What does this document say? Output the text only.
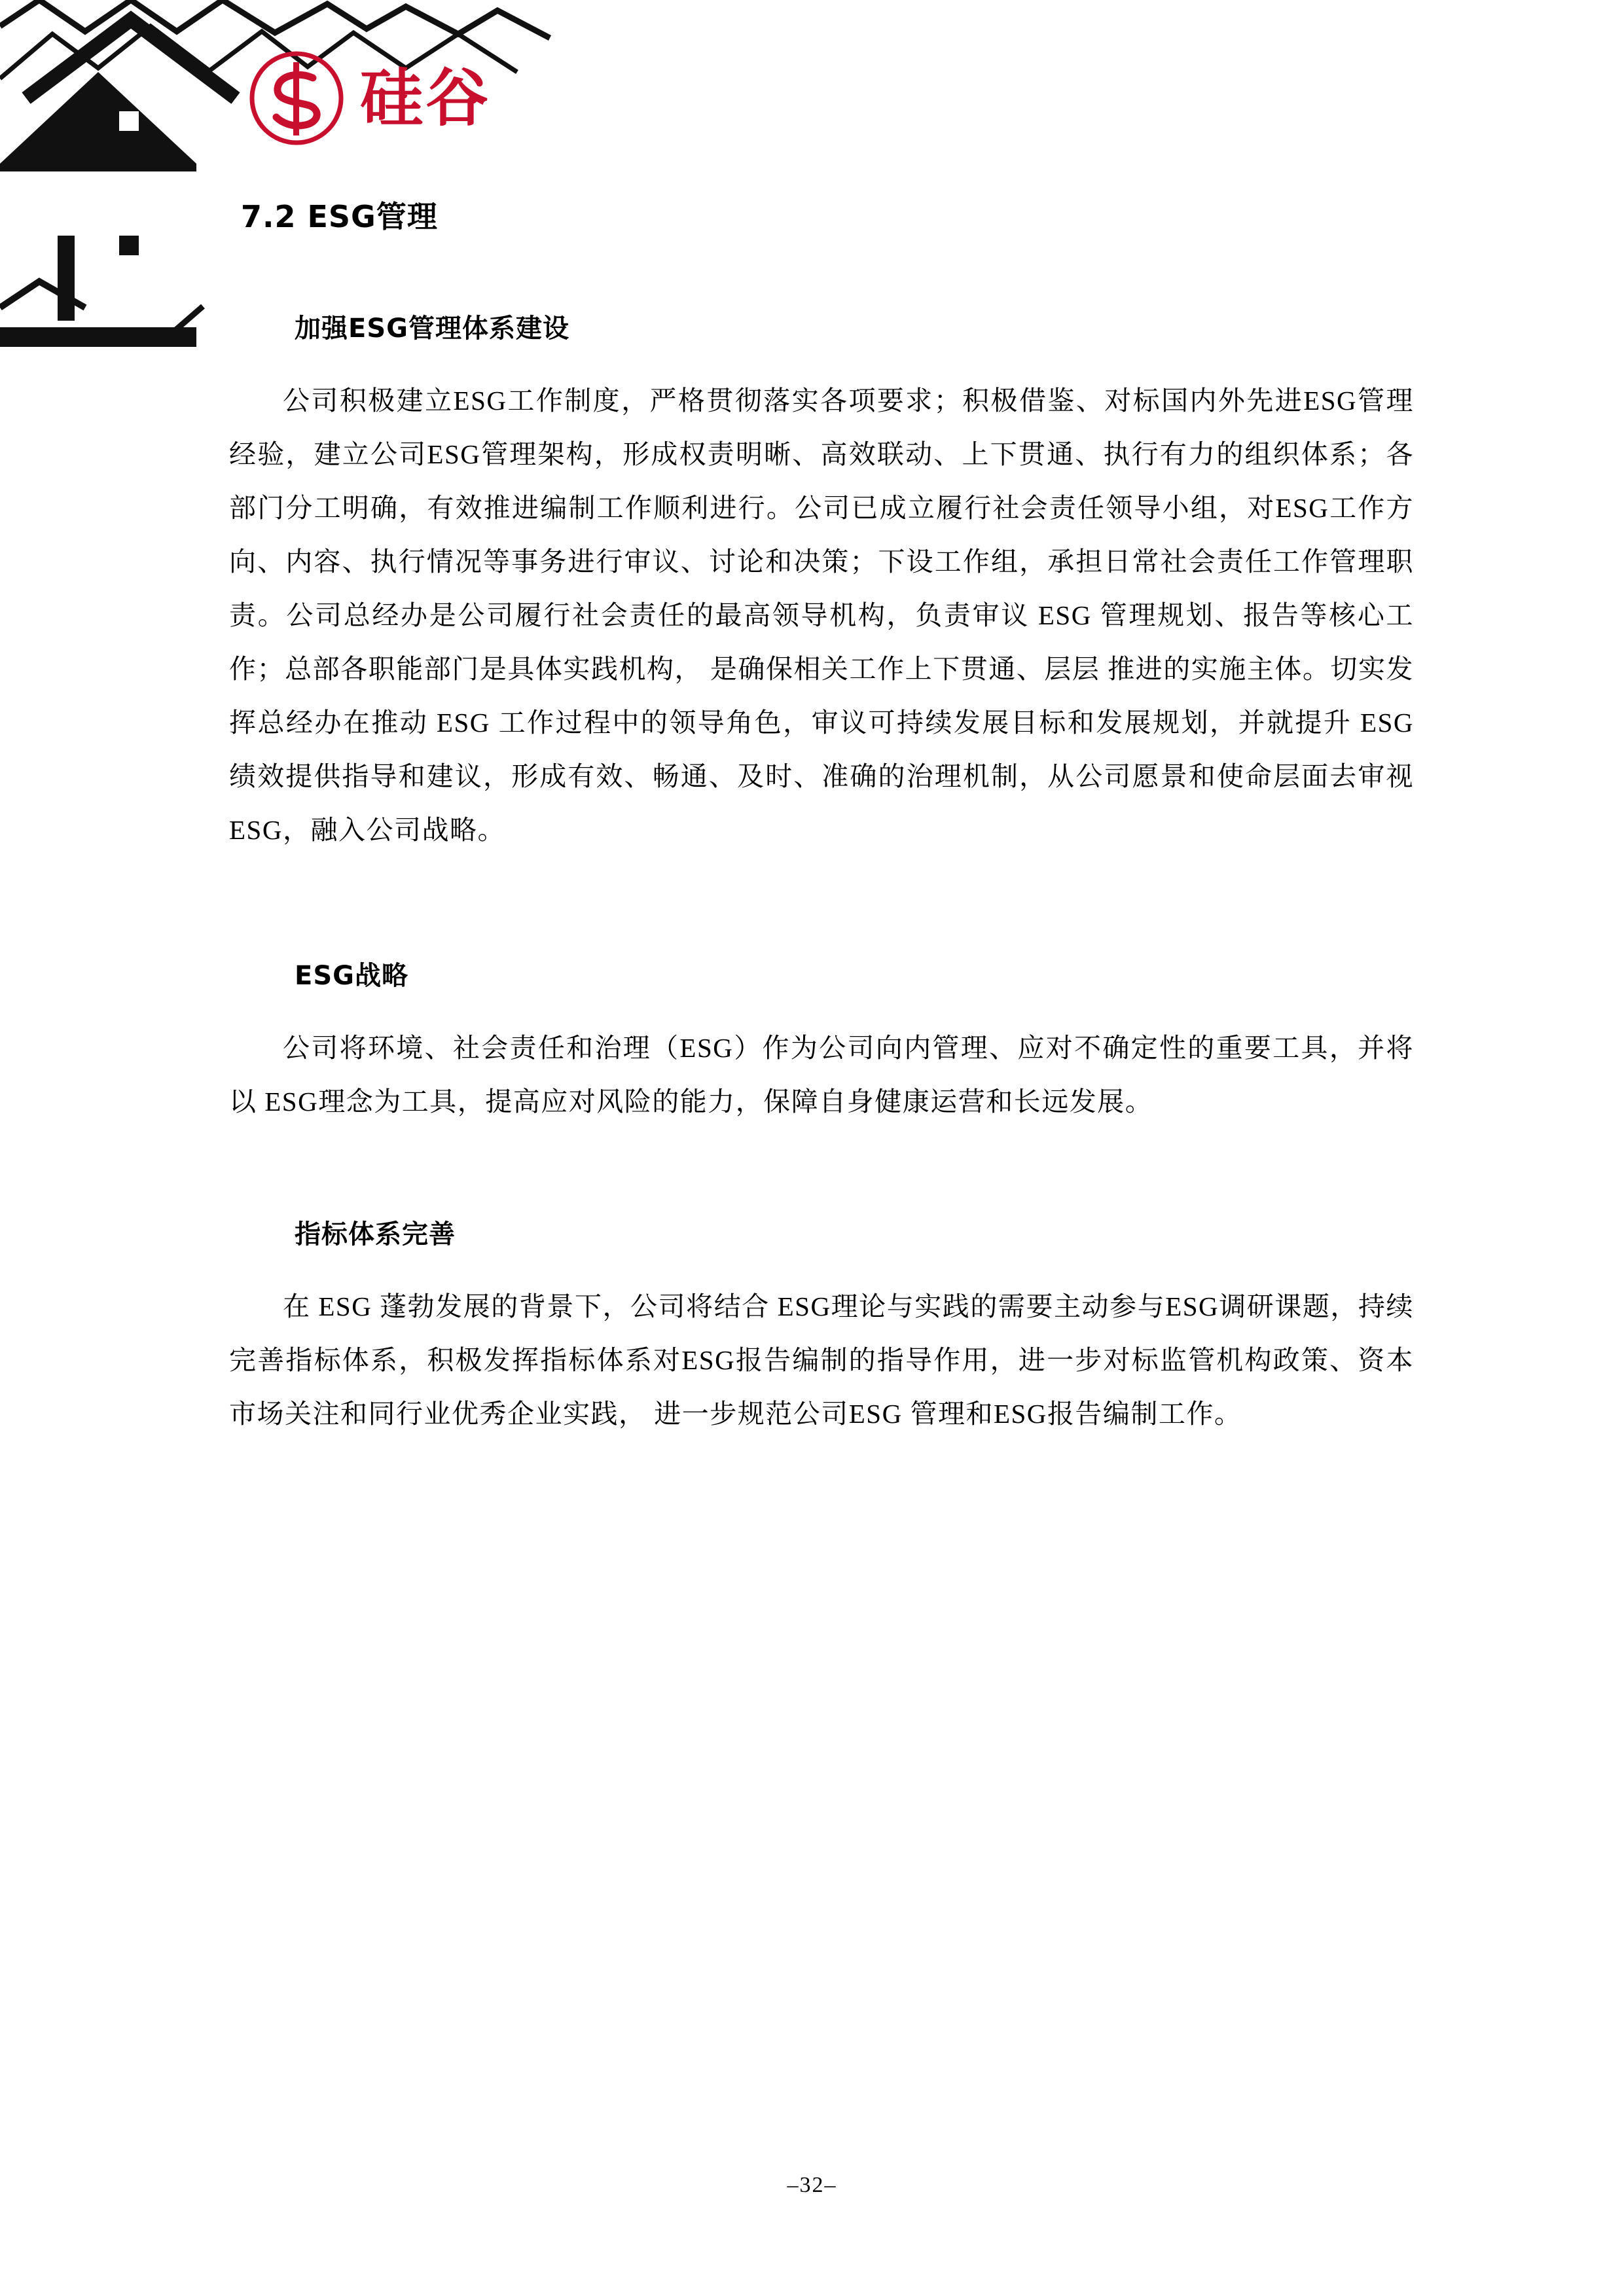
硅谷
7.2 ESG管理
加强ESG管理体系建设

公司积极建立ESG工作制度，严格贯彻落实各项要求；积极借鉴、对标国内外先进ESG管理经验，建立公司ESG管理架构，形成权责明晰、高效联动、上下贯通、执行有力的组织体系；各部门分工明确，有效推进编制工作顺利进行。公司已成立履行社会责任领导小组，对ESG工作方向、内容、执行情况等事务进行审议、讨论和决策；下设工作组，承担日常社会责任工作管理职责。公司总经办是公司履行社会责任的最高领导机构，负责审议 ESG 管理规划、报告等核心工作；总部各职能部门是具体实践机构， 是确保相关工作上下贯通、层层 推进的实施主体。切实发挥总经办在推动 ESG 工作过程中的领导角色，审议可持续发展目标和发展规划，并就提升 ESG绩效提供指导和建议，形成有效、畅通、及时、准确的治理机制，从公司愿景和使命层面去审视 ESG，融入公司战略。

ESG战略

公司将环境、社会责任和治理（ESG）作为公司向内管理、应对不确定性的重要工具，并将以 ESG理念为工具，提高应对风险的能力，保障自身健康运营和长远发展。

指标体系完善

在 ESG 蓬勃发展的背景下，公司将结合 ESG理论与实践的需要主动参与ESG调研课题，持续完善指标体系，积极发挥指标体系对ESG报告编制的指导作用，进一步对标监管机构政策、资本市场关注和同行业优秀企业实践， 进一步规范公司ESG 管理和ESG报告编制工作。

–32–
